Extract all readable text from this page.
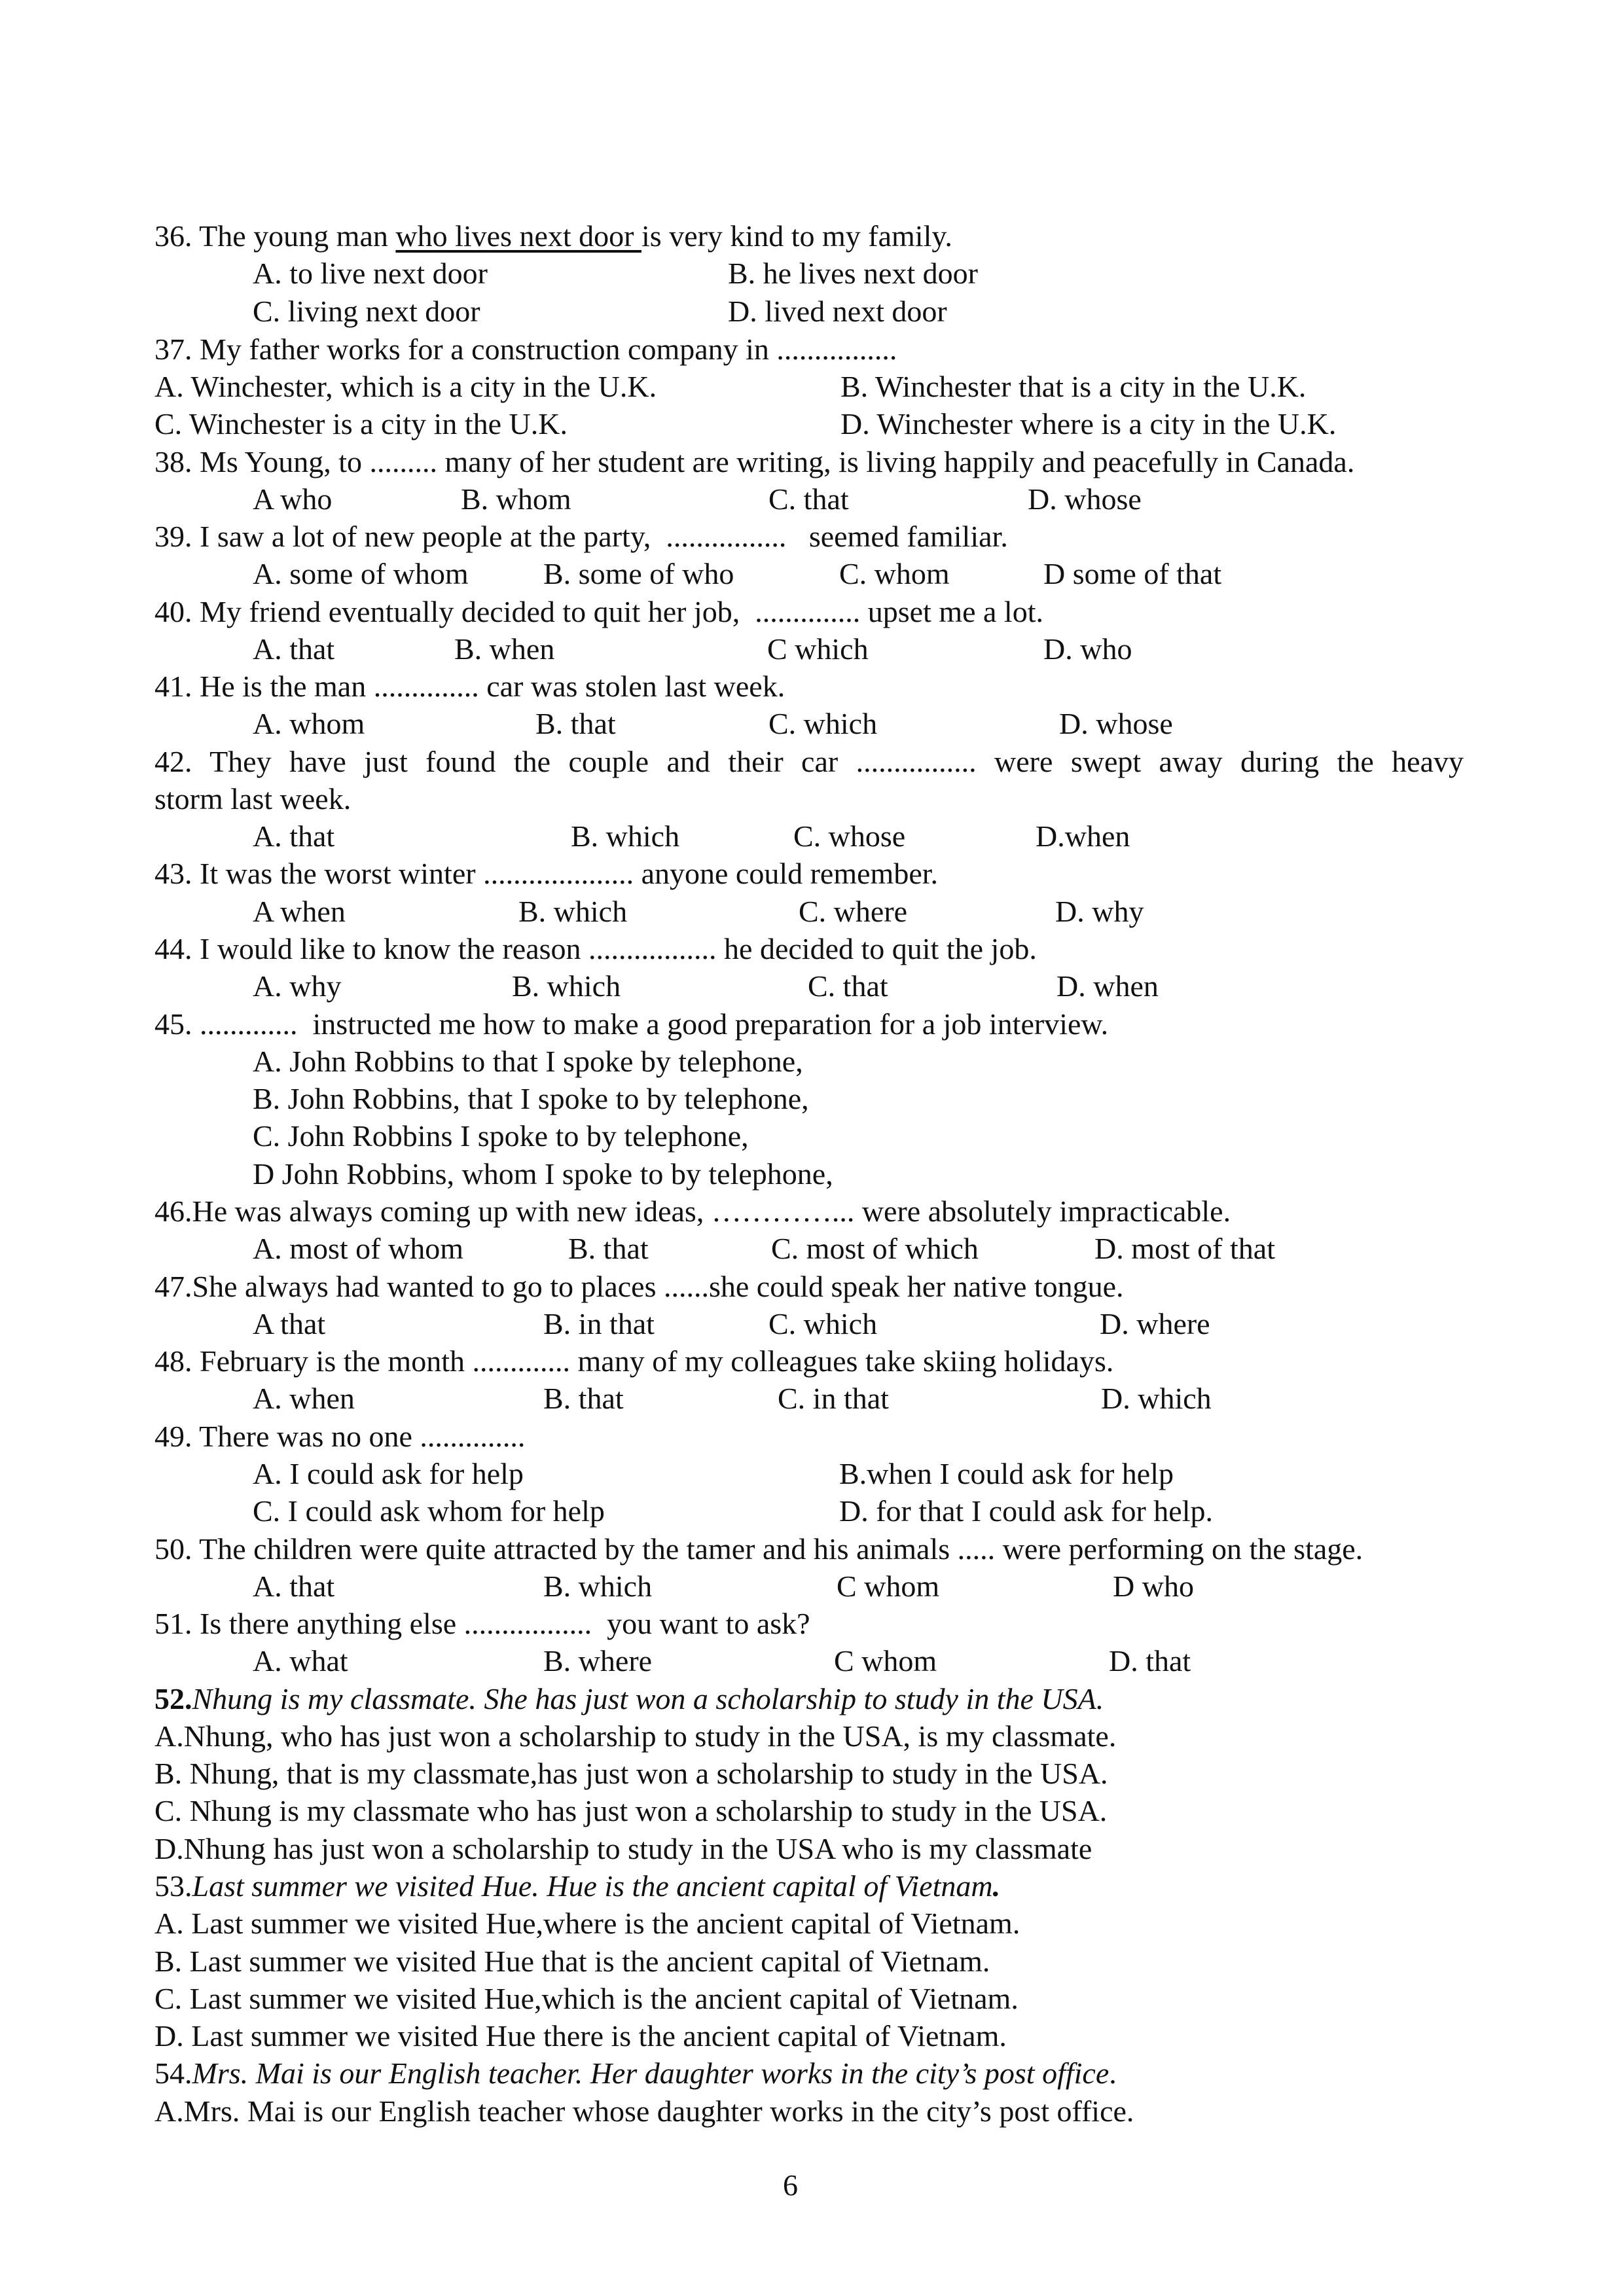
36. The young man who lives next door is very kind to my family.
A. to live next door	B. he lives next door
C. living next door	D. lived next door
37. My father works for a construction company in ................
A. Winchester, which is a city in the U.K.	B. Winchester that is a city in the U.K.
C. Winchester is a city in the U.K.	D. Winchester where is a city in the U.K.
38. Ms Young, to ......... many of her student are writing, is living happily and peacefully in Canada.
A who	B. whom	C. that	D. whose
39. I saw a lot of new people at the party,  ................   seemed familiar.
A. some of whom B. some of who	C. whom	D some of that
40. My friend eventually decided to quit her job,  .............. upset me a lot.
A. that	B. when	C which	D. who
41. He is the man .............. car was stolen last week.
A. whom	B. that	C. which	D. whose
42. They have just found the couple and their car ................ were swept away during the heavy
storm last week.
A. that	B. which	C. whose	D.when
43. It was the worst winter .................... anyone could remember.
A when	B. which	C. where	D. why
44. I would like to know the reason ................. he decided to quit the job.
A. why	B. which	C. that	D. when
45. .............  instructed me how to make a good preparation for a job interview.
A. John Robbins to that I spoke by telephone,
B. John Robbins, that I spoke to by telephone,
C. John Robbins I spoke to by telephone,
D John Robbins, whom I spoke to by telephone,
46.He was always coming up with new ideas, …………... were absolutely impracticable.
A. most of whom	B. that	C. most of which	D. most of that
47.She always had wanted to go to places ......she could speak her native tongue.
A that	B. in that	C. which	D. where
48. February is the month ............. many of my colleagues take skiing holidays.
A. when	B. that	C. in that	D. which
49. There was no one ..............
A. I could ask for help	B.when I could ask for help
C. I could ask whom for help	D. for that I could ask for help.
50. The children were quite attracted by the tamer and his animals ..... were performing on the stage.
A. that	B. which	C whom	D who
51. Is there anything else .................  you want to ask?
A. what	B. where	C whom	D. that
52.Nhung is my classmate. She has just won a scholarship to study in the USA.
A.Nhung, who has just won a scholarship to study in the USA, is my classmate.
B. Nhung, that is my classmate,has just won a scholarship to study in the USA.
C. Nhung is my classmate who has just won a scholarship to study in the USA.
D.Nhung has just won a scholarship to study in the USA who is my classmate
53.Last summer we visited Hue. Hue is the ancient capital of Vietnam.
A. Last summer we visited Hue,where is the ancient capital of Vietnam.
B. Last summer we visited Hue that is the ancient capital of Vietnam.
C. Last summer we visited Hue,which is the ancient capital of Vietnam.
D. Last summer we visited Hue there is the ancient capital of Vietnam.
54.Mrs. Mai is our English teacher. Her daughter works in the city’s post office.
A.Mrs. Mai is our English teacher whose daughter works in the city’s post office.
6
